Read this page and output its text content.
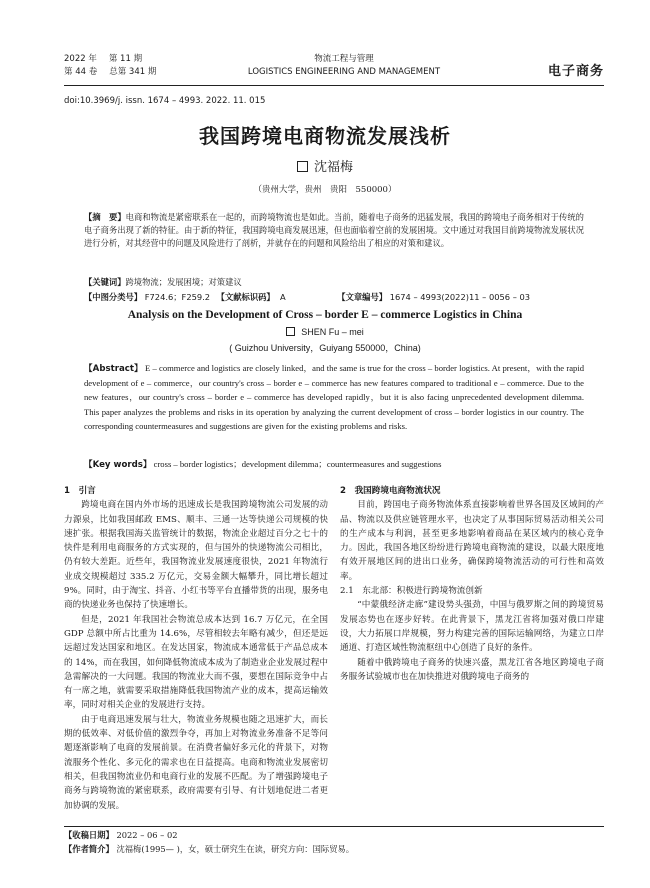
2022 年 第 11 期
第 44 卷 总第 341 期
物流工程与管理
LOGISTICS ENGINEERING AND MANAGEMENT	电子商务
doi:10.3969/j. issn. 1674 – 4993. 2022. 11. 015
我国跨境电商物流发展浅析
沈福梅
（贵州大学，贵州　贵阳　550000）
【摘　要】电商和物流是紧密联系在一起的，而跨境物流也是如此。当前，随着电子商务的迅猛发展，我国的跨境电子商务相对于传统的电子商务出现了新的特征。由于新的特征，我国跨境电商发展迅速，但也面临着空前的发展困境。文中通过对我国目前跨境物流发展状况进行分析，对其经营中的问题及风险进行了剖析，并就存在的问题和风险给出了相应的对策和建议。
【关键词】跨境物流；发展困境；对策建议
【中图分类号】 F724.6；F259.2 【文献标识码】 A	【文章编号】 1674 – 4993(2022)11 – 0056 – 03
Analysis on the Development of Cross – border E – commerce Logistics in China
SHEN Fu – mei
( Guizhou University，Guiyang 550000，China)
【Abstract】 E – commerce and logistics are closely linked，and the same is true for the cross – border logistics. At present，with the rapid development of e – commerce，our country's cross – border e – commerce has new features compared to traditional e – commerce. Due to the new features，our country's cross – border e – commerce has developed rapidly，but it is also facing unprecedented development dilemma. This paper analyzes the problems and risks in its operation by analyzing the current development of cross – border logistics in our country. The corresponding countermeasures and suggestions are given for the existing problems and risks.
【Key words】 cross – border logistics；development dilemma；countermeasures and suggestions
1　引言

跨境电商在国内外市场的迅速成长是我国跨境物流公司发展的动力源泉，比如我国邮政 EMS、顺丰、三通一达等快递公司规模的快速扩张。根据我国海关监管统计的数据，物流企业超过百分之七十的快件是利用电商服务的方式实现的，但与国外的快递物流公司相比，仍有较大差距。近些年，我国物流业发展速度很快，2021 年物流行业成交规模超过 335.2 万亿元，交易金额大幅攀升，同比增长超过 9%。同时，由于淘宝、抖音、小红书等平台直播带货的出现，服务电商的快递业务也保持了快速增长。

但是，2021 年我国社会物流总成本达到 16.7 万亿元，在全国 GDP 总额中所占比重为 14.6%，尽管相较去年略有减少，但还是远远超过发达国家和地区。在发达国家，物流成本通常低于产品总成本的 14%，而在我国，如何降低物流成本成为了制造业企业发展过程中急需解决的一大问题。我国的物流业大而不强，要想在国际竞争中占有一席之地，就需要采取措施降低我国物流产业的成本，提高运输效率，同时对相关企业的发展进行支持。

由于电商迅速发展与壮大，物流业务规模也随之迅速扩大，而长期的低效率、对低价值的激烈争夺，再加上对物流业务准备不足等问题逐渐影响了电商的发展前景。在消费者偏好多元化的背景下，对物流服务个性化、多元化的需求也在日益提高。电商和物流业发展密切相关，但我国物流业仍和电商行业的发展不匹配。为了增强跨境电子商务与跨境物流的紧密联系，政府需要有引导、有计划地促进二者更加协调的发展。

2　我国跨境电商物流状况

目前，跨国电子商务物流体系直接影响着世界各国及区域间的产品、物流以及供应链管理水平，也决定了从事国际贸易活动相关公司的生产成本与利润，甚至更多地影响着商品在某区域内的核心竞争力。因此，我国各地区纷纷进行跨境电商物流的建设，以最大限度地有效开展地区间的进出口业务，确保跨境物流活动的可行性和高效率。

2.1　东北部：积极进行跨境物流创新

“中蒙俄经济走廊”建设势头强劲，中国与俄罗斯之间的跨境贸易发展态势也在逐步好转。在此背景下，黑龙江省将加强对俄口岸建设，大力拓展口岸规模，努力构建完善的国际运输网络，为建立口岸通道、打造区域性物流枢纽中心创造了良好的条件。

随着中俄跨境电子商务的快速兴盛，黑龙江省各地区跨境电子商务服务试验城市也在加快推进对俄跨境电子商务的

【收稿日期】 2022 – 06 – 02
【作者简介】 沈福梅(1995— )，女，硕士研究生在读，研究方向：国际贸易。
